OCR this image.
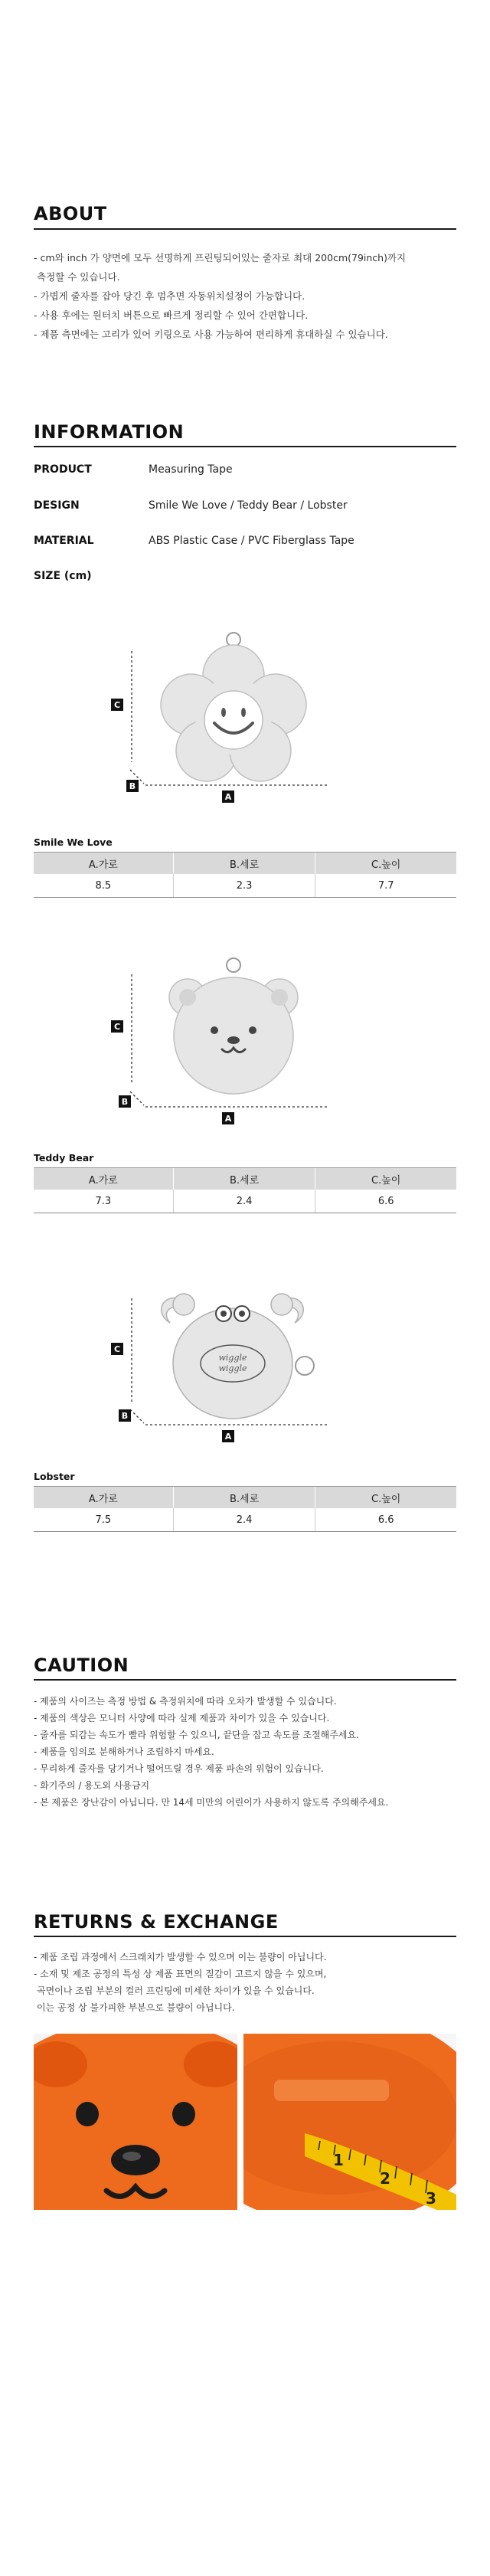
ABOUT
- cm와 inch 가 양면에 모두 선명하게 프린팅되어있는 줄자로 최대 200cm(79inch)까지
측정할 수 있습니다.
- 가볍게 줄자를 잡아 당긴 후 멈추면 자동위치설정이 가능합니다.
- 사용 후에는 원터치 버튼으로 빠르게 정리할 수 있어 간편합니다.
- 제품 측면에는 고리가 있어 키링으로 사용 가능하여 편리하게 휴대하실 수 있습니다.
INFORMATION
PRODUCT	Measuring Tape
DESIGN	Smile We Love / Teddy Bear / Lobster
MATERIAL	ABS Plastic Case / PVC Fiberglass Tape
SIZE (cm)
C
B
A
Smile We Love
A.가로	B.세로	C.높이
8.5	2.3	7.7
C
B
A
Teddy Bear
A.가로	B.세로	C.높이
7.3	2.4	6.6
wiggle
wiggle
C
B
A
Lobster
A.가로	B.세로	C.높이
7.5	2.4	6.6
CAUTION
- 제품의 사이즈는 측정 방법 & 측정위치에 따라 오차가 발생할 수 있습니다.
- 제품의 색상은 모니터 사양에 따라 실제 제품과 차이가 있을 수 있습니다.
- 줄자를 되감는 속도가 빨라 위험할 수 있으니, 끝단을 잡고 속도를 조절해주세요.
- 제품을 임의로 분해하거나 조립하지 마세요.
- 무리하게 줄자를 당기거나 떨어뜨릴 경우 제품 파손의 위험이 있습니다.
- 화기주의 / 용도외 사용금지
- 본 제품은 장난감이 아닙니다. 만 14세 미만의 어린이가 사용하지 않도록 주의해주세요.
RETURNS & EXCHANGE
- 제품 조립 과정에서 스크래치가 발생할 수 있으며 이는 불량이 아닙니다.
- 소재 및 제조 공정의 특성 상 제품 표면의 질감이 고르지 않을 수 있으며,
곡면이나 조립 부분의 컬러 프린팅에 미세한 차이가 있을 수 있습니다.
이는 공정 상 불가피한 부분으로 불량이 아닙니다.
1
2
3
